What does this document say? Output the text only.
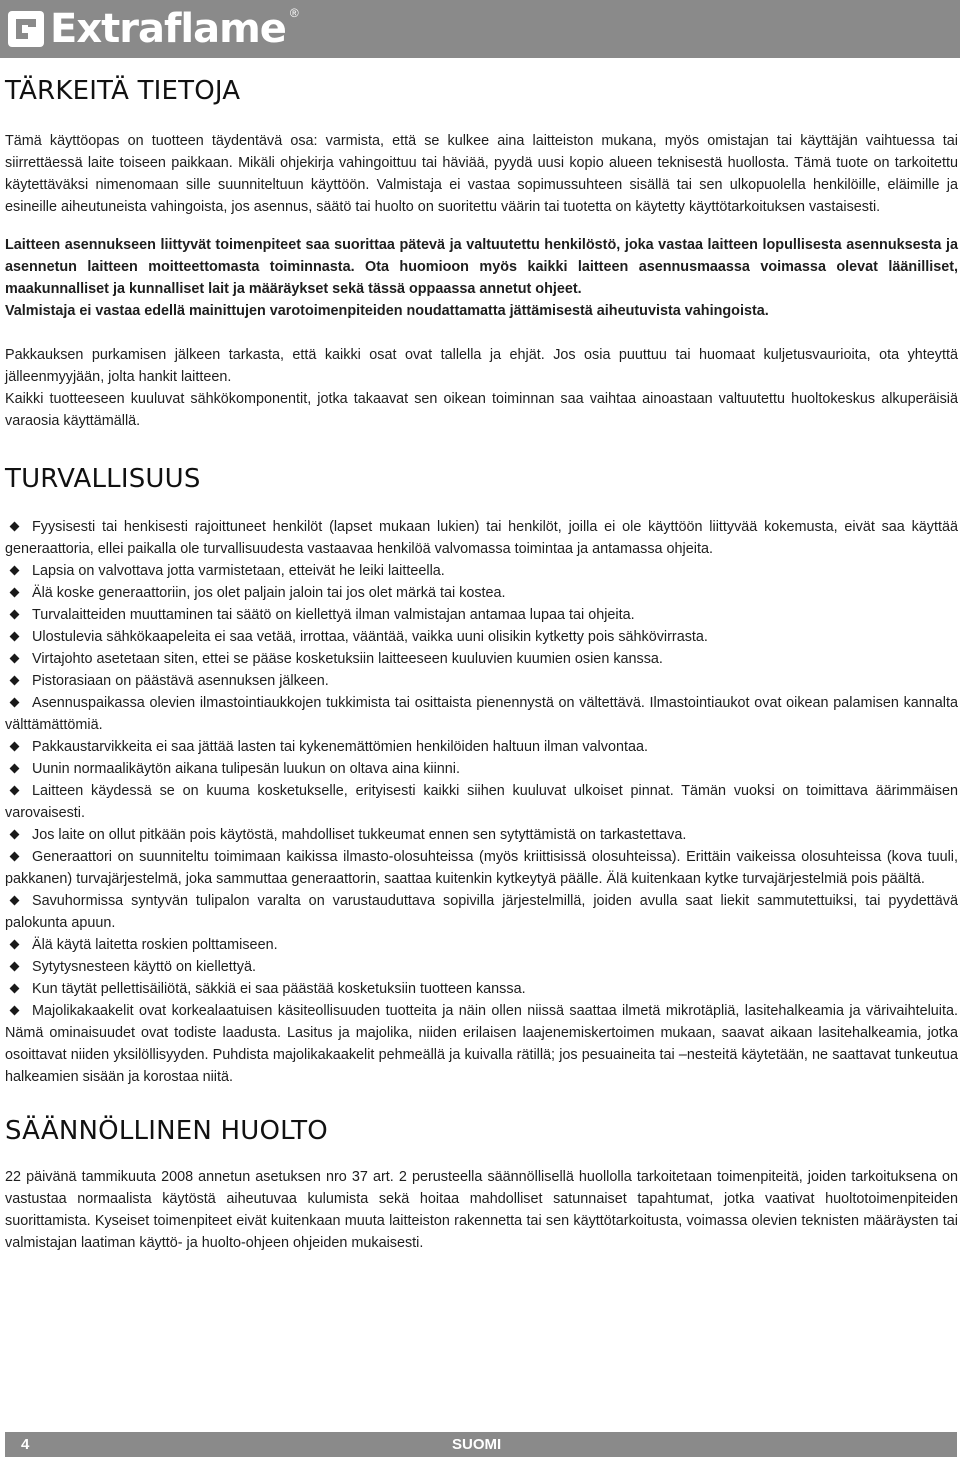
Extraflame ®
TÄRKEITÄ TIETOJA

Tämä käyttöopas on tuotteen täydentävä osa: varmista, että se kulkee aina laitteiston mukana, myös omistajan tai käyttäjän vaihtuessa tai siirrettäessä laite toiseen paikkaan. Mikäli ohjekirja vahingoittuu tai häviää, pyydä uusi kopio alueen teknisestä huollosta. Tämä tuote on tarkoitettu käytettäväksi nimenomaan sille suunniteltuun käyttöön. Valmistaja ei vastaa sopimussuhteen sisällä tai sen ulkopuolella henkilöille, eläimille ja esineille aiheutuneista vahingoista, jos asennus, säätö tai huolto on suoritettu väärin tai tuotetta on käytetty käyttötarkoituksen vastaisesti.

Laitteen asennukseen liittyvät toimenpiteet saa suorittaa pätevä ja valtuutettu henkilöstö, joka vastaa laitteen lopullisesta asennuksesta ja asennetun laitteen moitteettomasta toiminnasta. Ota huomioon myös kaikki laitteen asennusmaassa voimassa olevat läänilliset, maakunnalliset ja kunnalliset lait ja määräykset sekä tässä oppaassa annetut ohjeet.

Valmistaja ei vastaa edellä mainittujen varotoimenpiteiden noudattamatta jättämisestä aiheutuvista vahingoista.

Pakkauksen purkamisen jälkeen tarkasta, että kaikki osat ovat tallella ja ehjät. Jos osia puuttuu tai huomaat kuljetusvaurioita, ota yhteyttä jälleenmyyjään, jolta hankit laitteen.

Kaikki tuotteeseen kuuluvat sähkökomponentit, jotka takaavat sen oikean toiminnan saa vaihtaa ainoastaan valtuutettu huoltokeskus alkuperäisiä varaosia käyttämällä.

TURVALLISUUS
Fyysisesti tai henkisesti rajoittuneet henkilöt (lapset mukaan lukien) tai henkilöt, joilla ei ole käyttöön liittyvää kokemusta, eivät saa käyttää generaattoria, ellei paikalla ole turvallisuudesta vastaavaa henkilöä valvomassa toimintaa ja antamassa ohjeita.
Lapsia on valvottava jotta varmistetaan, etteivät he leiki laitteella.
Älä koske generaattoriin, jos olet paljain jaloin tai jos olet märkä tai kostea.
Turvalaitteiden muuttaminen tai säätö on kiellettyä ilman valmistajan antamaa lupaa tai ohjeita.
Ulostulevia sähkökaapeleita ei saa vetää, irrottaa, vääntää, vaikka uuni olisikin kytketty pois sähkövirrasta.
Virtajohto asetetaan siten, ettei se pääse kosketuksiin laitteeseen kuuluvien kuumien osien kanssa.
Pistorasiaan on päästävä asennuksen jälkeen.
Asennuspaikassa olevien ilmastointiaukkojen tukkimista tai osittaista pienennystä on vältettävä. Ilmastointiaukot ovat oikean palamisen kannalta välttämättömiä.
Pakkaustarvikkeita ei saa jättää lasten tai kykenemättömien henkilöiden haltuun ilman valvontaa.
Uunin normaalikäytön aikana tulipesän luukun on oltava aina kiinni.
Laitteen käydessä se on kuuma kosketukselle, erityisesti kaikki siihen kuuluvat ulkoiset pinnat. Tämän vuoksi on toimittava äärimmäisen varovaisesti.
Jos laite on ollut pitkään pois käytöstä, mahdolliset tukkeumat ennen sen sytyttämistä on tarkastettava.
Generaattori on suunniteltu toimimaan kaikissa ilmasto-olosuhteissa (myös kriittisissä olosuhteissa). Erittäin vaikeissa olosuhteissa (kova tuuli, pakkanen) turvajärjestelmä, joka sammuttaa generaattorin, saattaa kuitenkin kytkeytyä päälle. Älä kuitenkaan kytke turvajärjestelmiä pois päältä.
Savuhormissa syntyvän tulipalon varalta on varustauduttava sopivilla järjestelmillä, joiden avulla saat liekit sammutettuiksi, tai pyydettävä palokunta apuun.
Älä käytä laitetta roskien polttamiseen.
Sytytysnesteen käyttö on kiellettyä.
Kun täytät pellettisäiliötä, säkkiä ei saa päästää kosketuksiin tuotteen kanssa.
Majolikakaakelit ovat korkealaatuisen käsiteollisuuden tuotteita ja näin ollen niissä saattaa ilmetä mikrotäpliä, lasitehalkeamia ja värivaihteluita. Nämä ominaisuudet ovat todiste laadusta. Lasitus ja majolika, niiden erilaisen laajenemiskertoimen mukaan, saavat aikaan lasitehalkeamia, jotka osoittavat niiden yksilöllisyyden. Puhdista majolikakaakelit pehmeällä ja kuivalla rätillä; jos pesuaineita tai –nesteitä käytetään, ne saattavat tunkeutua halkeamien sisään ja korostaa niitä.
SÄÄNNÖLLINEN HUOLTO

22 päivänä tammikuuta 2008 annetun asetuksen nro 37 art. 2 perusteella säännöllisellä huollolla tarkoitetaan toimenpiteitä, joiden tarkoituksena on vastustaa normaalista käytöstä aiheutuvaa kulumista sekä hoitaa mahdolliset satunnaiset tapahtumat, jotka vaativat huoltotoimenpiteiden suorittamista. Kyseiset toimenpiteet eivät kuitenkaan muuta laitteiston rakennetta tai sen käyttötarkoitusta, voimassa olevien teknisten määräysten tai valmistajan laatiman käyttö- ja huolto-ohjeen ohjeiden mukaisesti.

4	SUOMI
